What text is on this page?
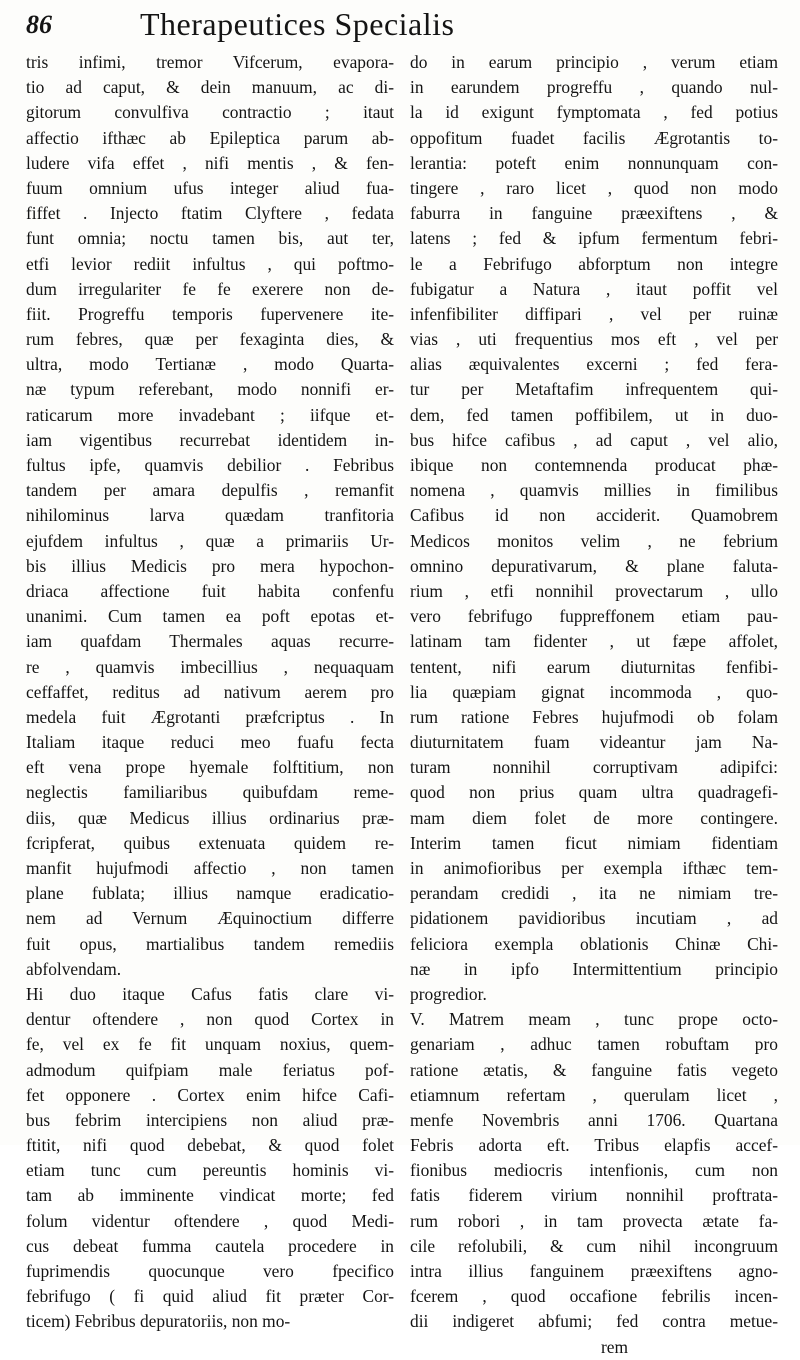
86	Therapeutices Specialis
tris infimi, tremor Vifcerum, evapora-
tio ad caput, & dein manuum, ac di-
gitorum convulfiva contractio ; itaut
affectio ifthæc ab Epileptica parum ab-
ludere vifa effet , nifi mentis , & fen-
fuum omnium ufus integer aliud fua-
fiffet . Injecto ftatim Clyftere , fedata
funt omnia; noctu tamen bis, aut ter,
etfi levior rediit infultus , qui poftmo-
dum irregulariter fe fe exerere non de-
fiit. Progreffu temporis fupervenere ite-
rum febres, quæ per fexaginta dies, &
ultra, modo Tertianæ , modo Quarta-
næ typum referebant, modo nonnifi er-
raticarum more invadebant ; iifque et-
iam vigentibus recurrebat identidem in-
fultus ipfe, quamvis debilior . Febribus
tandem per amara depulfis , remanfit
nihilominus larva quædam tranfitoria
ejufdem infultus , quæ a primariis Ur-
bis illius Medicis pro mera hypochon-
driaca affectione fuit habita confenfu
unanimi. Cum tamen ea poft epotas et-
iam quafdam Thermales aquas recurre-
re , quamvis imbecillius , nequaquam
ceffaffet, reditus ad nativum aerem pro
medela fuit Ægrotanti præfcriptus . In
Italiam itaque reduci meo fuafu fecta
eft vena prope hyemale folftitium, non
neglectis familiaribus quibufdam reme-
diis, quæ Medicus illius ordinarius præ-
fcripferat, quibus extenuata quidem re-
manfit hujufmodi affectio , non tamen
plane fublata; illius namque eradicatio-
nem ad Vernum Æquinoctium differre
fuit opus, martialibus tandem remediis
abfolvendam.
Hi duo itaque Cafus fatis clare vi-
dentur oftendere , non quod Cortex in
fe, vel ex fe fit unquam noxius, quem-
admodum quifpiam male feriatus pof-
fet opponere . Cortex enim hifce Cafi-
bus febrim intercipiens non aliud præ-
ftitit, nifi quod debebat, & quod folet
etiam tunc cum pereuntis hominis vi-
tam ab imminente vindicat morte; fed
folum videntur oftendere , quod Medi-
cus debeat fumma cautela procedere in
fuprimendis quocunque vero fpecifico
febrifugo ( fi quid aliud fit præter Cor-
ticem) Febribus depuratoriis, non mo-
do in earum principio , verum etiam
in earundem progreffu , quando nul-
la id exigunt fymptomata , fed potius
oppofitum fuadet facilis Ægrotantis to-
lerantia: poteft enim nonnunquam con-
tingere , raro licet , quod non modo
faburra in fanguine præexiftens , &
latens ; fed & ipfum fermentum febri-
le a Febrifugo abforptum non integre
fubigatur a Natura , itaut poffit vel
infenfibiliter diffipari , vel per ruinæ
vias , uti frequentius mos eft , vel per
alias æquivalentes excerni ; fed fera-
tur per Metaftafim infrequentem qui-
dem, fed tamen poffibilem, ut in duo-
bus hifce cafibus , ad caput , vel alio,
ibique non contemnenda producat phæ-
nomena , quamvis millies in fimilibus
Cafibus id non acciderit. Quamobrem
Medicos monitos velim , ne febrium
omnino depurativarum, & plane faluta-
rium , etfi nonnihil provectarum , ullo
vero febrifugo fuppreffonem etiam pau-
latinam tam fidenter , ut fæpe affolet,
tentent, nifi earum diuturnitas fenfibi-
lia quæpiam gignat incommoda , quo-
rum ratione Febres hujufmodi ob folam
diuturnitatem fuam videantur jam Na-
turam nonnihil corruptivam adipifci:
quod non prius quam ultra quadragefi-
mam diem folet de more contingere.
Interim tamen ficut nimiam fidentiam
in animofioribus per exempla ifthæc tem-
perandam credidi , ita ne nimiam tre-
pidationem pavidioribus incutiam , ad
feliciora exempla oblationis Chinæ Chi-
næ in ipfo Intermittentium principio
progredior.
V. Matrem meam , tunc prope octo-
genariam , adhuc tamen robuftam pro
ratione ætatis, & fanguine fatis vegeto
etiamnum refertam , querulam licet ,
menfe Novembris anni 1706. Quartana
Febris adorta eft. Tribus elapfis accef-
fionibus mediocris intenfionis, cum non
fatis fiderem virium nonnihil proftrata-
rum robori , in tam provecta ætate fa-
cile refolubili, & cum nihil incongruum
intra illius fanguinem præexiftens agno-
fcerem , quod occafione febrilis incen-
dii indigeret abfumi; fed contra metue-
rem
